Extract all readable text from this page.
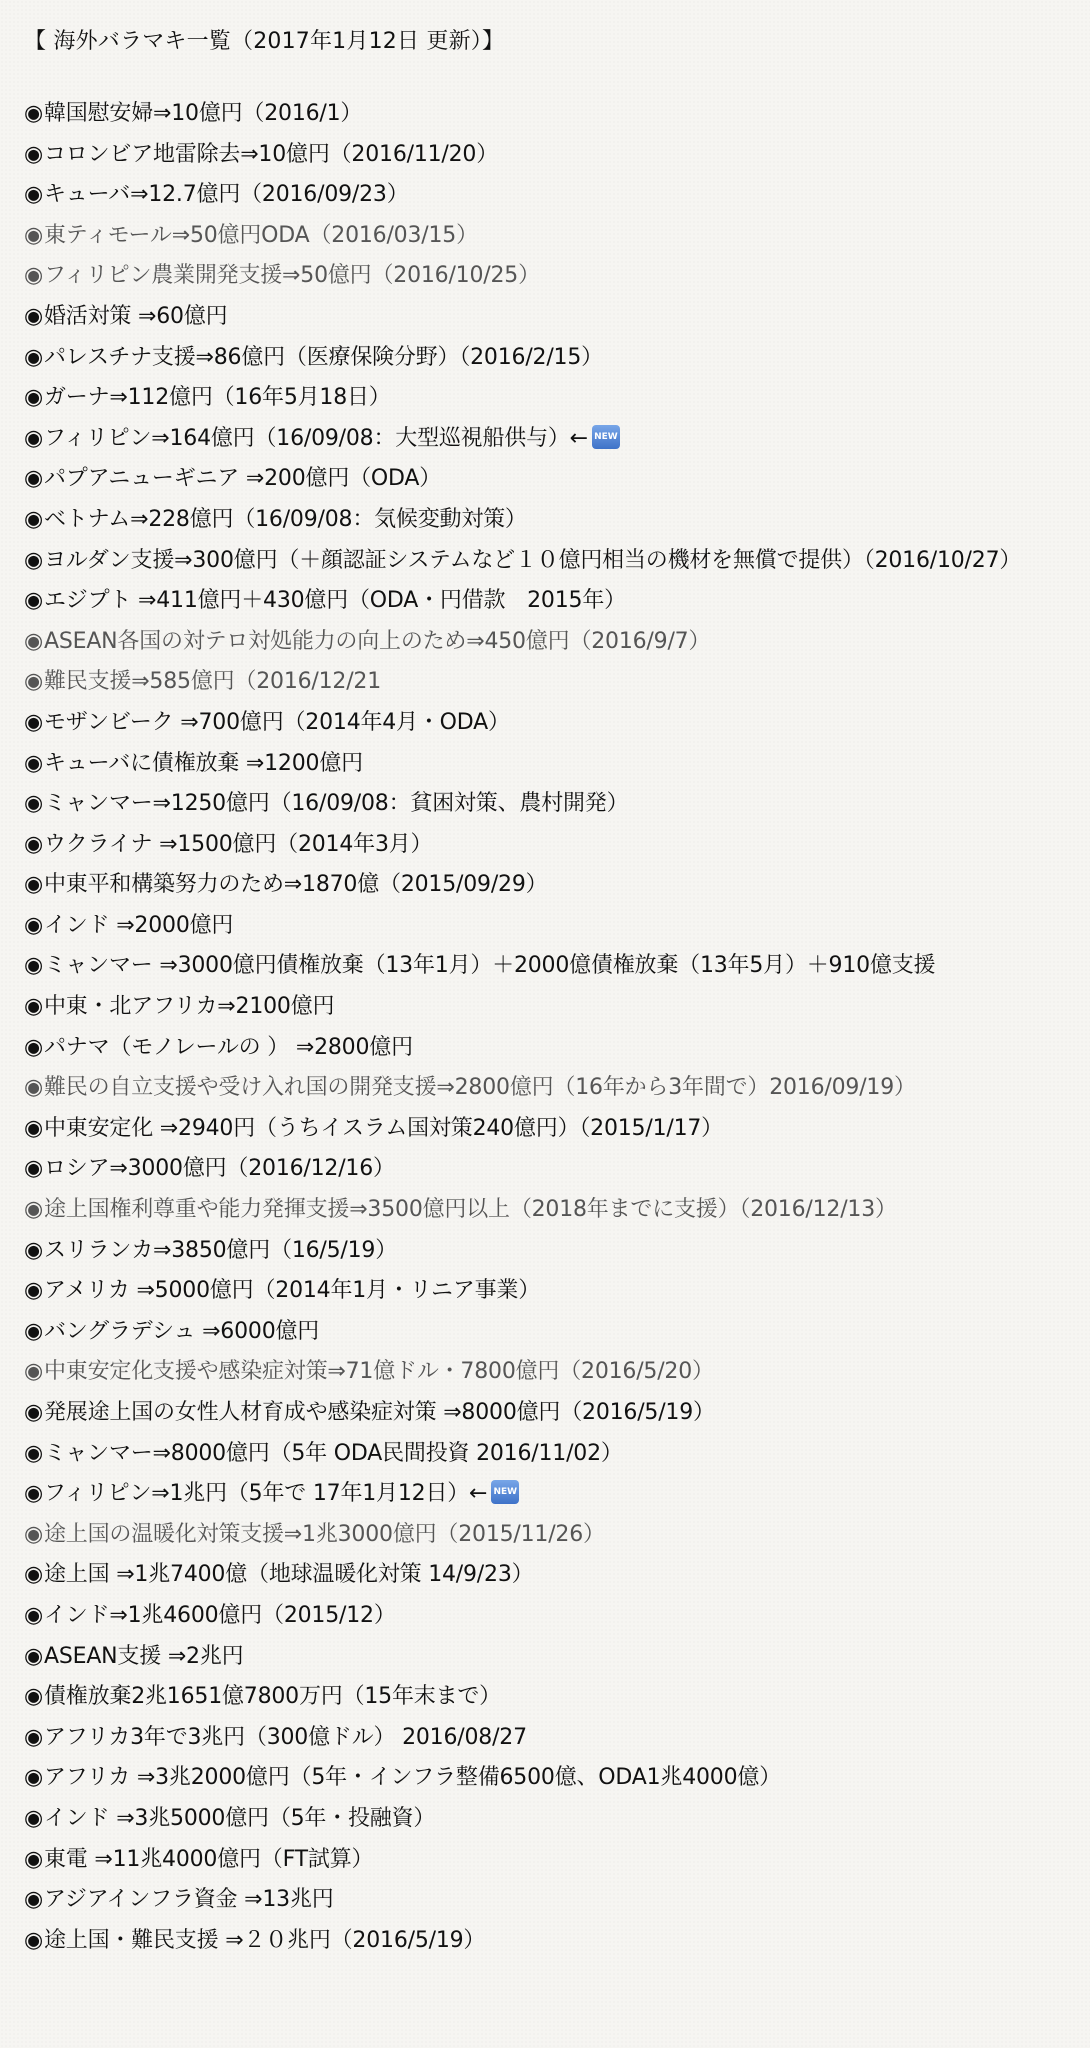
【 海外バラマキ一覧（2017年1月12日 更新）】
◉韓国慰安婦⇒10億円（2016/1）
◉コロンビア地雷除去⇒10億円（2016/11/20）
◉キューバ⇒12.7億円（2016/09/23）
◉東ティモール⇒50億円ODA（2016/03/15）
◉フィリピン農業開発支援⇒50億円（2016/10/25）
◉婚活対策 ⇒60億円
◉パレスチナ支援⇒86億円（医療保険分野）（2016/2/15）
◉ガーナ⇒112億円（16年5月18日）
◉フィリピン⇒164億円（16/09/08：大型巡視船供与）← NEW
◉パプアニューギニア ⇒200億円（ODA）
◉ベトナム⇒228億円（16/09/08：気候変動対策）
◉ヨルダン支援⇒300億円（＋顔認証システムなど１０億円相当の機材を無償で提供）（2016/10/27）
◉エジプト ⇒411億円＋430億円（ODA・円借款　2015年）
◉ASEAN各国の対テロ対処能力の向上のため⇒450億円（2016/9/7）
◉難民支援⇒585億円（2016/12/21
◉モザンビーク ⇒700億円（2014年4月・ODA）
◉キューバに債権放棄 ⇒1200億円
◉ミャンマー⇒1250億円（16/09/08：貧困対策、農村開発）
◉ウクライナ ⇒1500億円（2014年3月）
◉中東平和構築努力のため⇒1870億（2015/09/29）
◉インド ⇒2000億円
◉ミャンマー ⇒3000億円債権放棄（13年1月）＋2000億債権放棄（13年5月）＋910億支援
◉中東・北アフリカ⇒2100億円
◉パナマ（モノレールの ） ⇒2800億円
◉難民の自立支援や受け入れ国の開発支援⇒2800億円（16年から3年間で）2016/09/19）
◉中東安定化 ⇒2940円（うちイスラム国対策240億円）（2015/1/17）
◉ロシア⇒3000億円（2016/12/16）
◉途上国権利尊重や能力発揮支援⇒3500億円以上（2018年までに支援）（2016/12/13）
◉スリランカ⇒3850億円（16/5/19）
◉アメリカ ⇒5000億円（2014年1月・リニア事業）
◉バングラデシュ ⇒6000億円
◉中東安定化支援や感染症対策⇒71億ドル・7800億円（2016/5/20）
◉発展途上国の女性人材育成や感染症対策 ⇒8000億円（2016/5/19）
◉ミャンマー⇒8000億円（5年 ODA民間投資 2016/11/02）
◉フィリピン⇒1兆円（5年で 17年1月12日）← NEW
◉途上国の温暖化対策支援⇒1兆3000億円（2015/11/26）
◉途上国 ⇒1兆7400億（地球温暖化対策 14/9/23）
◉インド⇒1兆4600億円（2015/12）
◉ASEAN支援 ⇒2兆円
◉債権放棄2兆1651億7800万円（15年末まで）
◉アフリカ3年で3兆円（300億ドル） 2016/08/27
◉アフリカ ⇒3兆2000億円（5年・インフラ整備6500億、ODA1兆4000億）
◉インド ⇒3兆5000億円（5年・投融資）
◉東電 ⇒11兆4000億円（FT試算）
◉アジアインフラ資金 ⇒13兆円
◉途上国・難民支援 ⇒２０兆円（2016/5/19）
